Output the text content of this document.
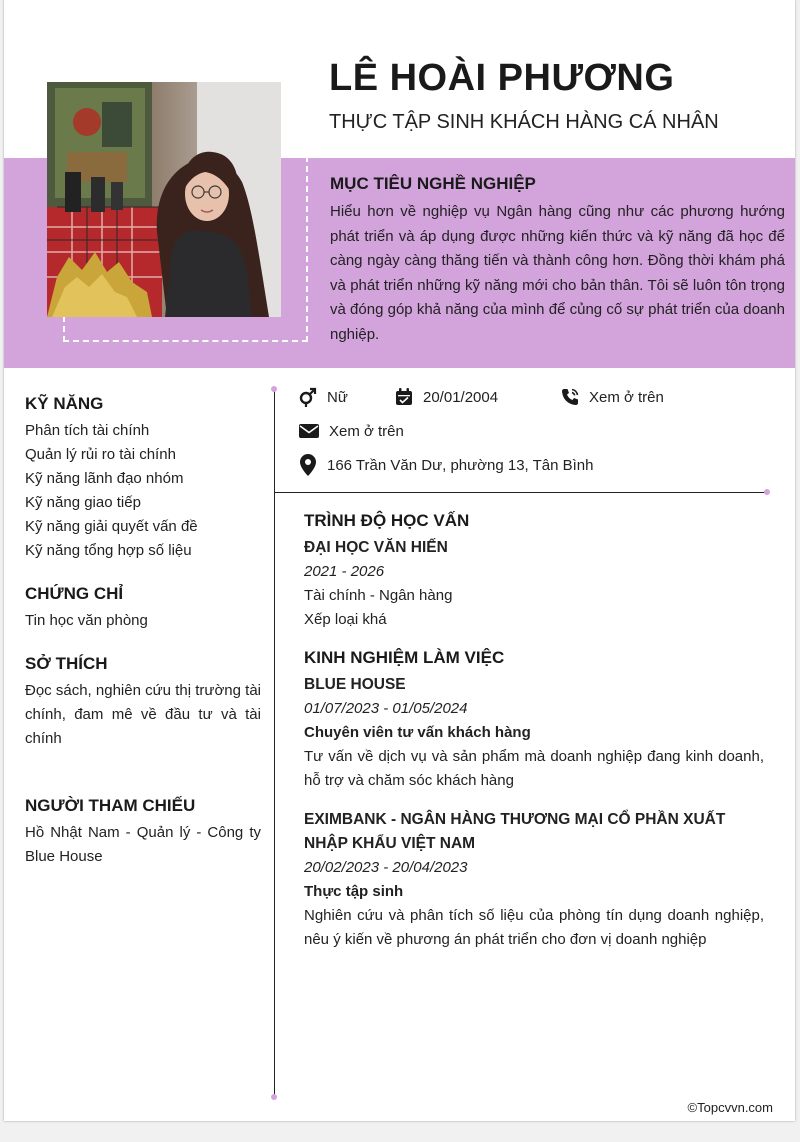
LÊ HOÀI PHƯƠNG
THỰC TẬP SINH KHÁCH HÀNG CÁ NHÂN
MỤC TIÊU NGHỀ NGHIỆP
Hiểu hơn về nghiệp vụ Ngân hàng cũng như các phương hướng phát triển và áp dụng được những kiến thức và kỹ năng đã học để càng ngày càng thăng tiến và thành công hơn. Đồng thời khám phá và phát triển những kỹ năng mới cho bản thân. Tôi sẽ luôn tôn trọng và đóng góp khả năng của mình để củng cố sự phát triển của doanh nghiệp.
Nữ	20/01/2004	Xem ở trên
Xem ở trên
166 Trần Văn Dư, phường 13, Tân Bình
KỸ NĂNG
Phân tích tài chính
Quản lý rủi ro tài chính
Kỹ năng lãnh đạo nhóm
Kỹ năng giao tiếp
Kỹ năng giải quyết vấn đề
Kỹ năng tổng hợp số liệu
CHỨNG CHỈ
Tin học văn phòng
SỞ THÍCH
Đọc sách, nghiên cứu thị trường tài chính, đam mê về đầu tư và tài chính
NGƯỜI THAM CHIẾU
Hồ Nhật Nam - Quản lý - Công ty Blue House
TRÌNH ĐỘ HỌC VẤN
ĐẠI HỌC VĂN HIẾN
2021 - 2026
Tài chính - Ngân hàng
Xếp loại khá
KINH NGHIỆM LÀM VIỆC
BLUE HOUSE
01/07/2023 - 01/05/2024
Chuyên viên tư vấn khách hàng
Tư vấn về dịch vụ và sản phẩm mà doanh nghiệp đang kinh doanh, hỗ trợ và chăm sóc khách hàng
EXIMBANK - NGÂN HÀNG THƯƠNG MẠI CỔ PHẦN XUẤT NHẬP KHẨU VIỆT NAM
20/02/2023 - 20/04/2023
Thực tập sinh
Nghiên cứu và phân tích số liệu của phòng tín dụng doanh nghiệp, nêu ý kiến về phương án phát triển cho đơn vị doanh nghiệp
©Topcvvn.com
